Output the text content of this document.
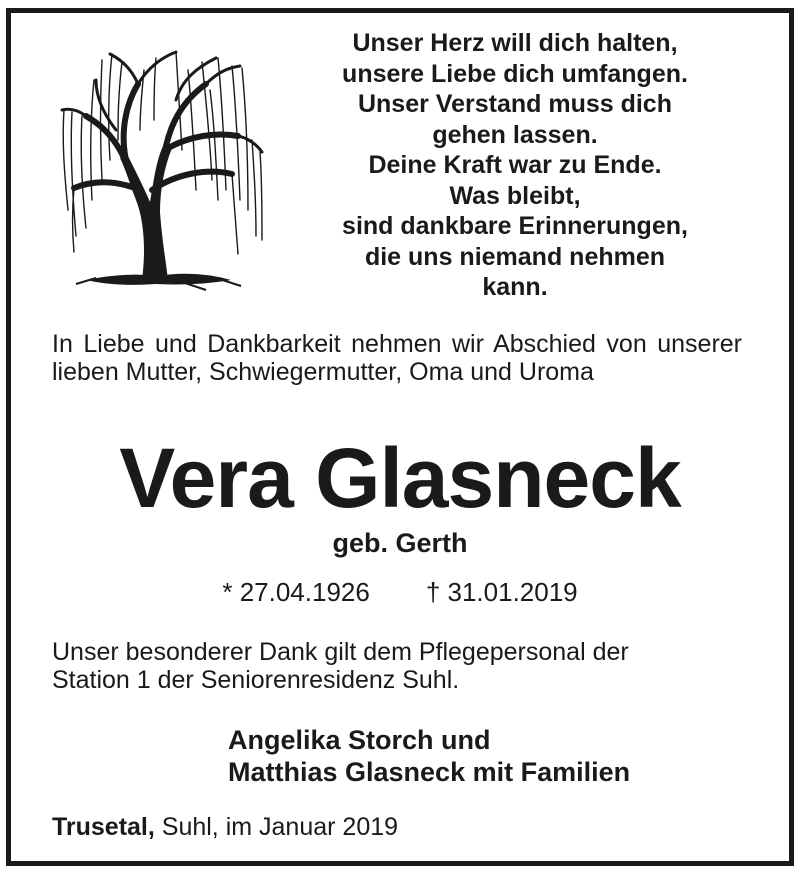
Unser Herz will dich halten,
unsere Liebe dich umfangen.
Unser Verstand muss dich
gehen lassen.
Deine Kraft war zu Ende.
Was bleibt,
sind dankbare Erinnerungen,
die uns niemand nehmen
kann.
In Liebe und Dankbarkeit nehmen wir Abschied von unserer lieben Mutter, Schwiegermutter, Oma und Uroma
Vera Glasneck
geb. Gerth
* 27.04.1926 † 31.01.2019
Unser besonderer Dank gilt dem Pflegepersonal der
Station 1 der Seniorenresidenz Suhl.
Angelika Storch und
Matthias Glasneck mit Familien
Trusetal, Suhl, im Januar 2019
